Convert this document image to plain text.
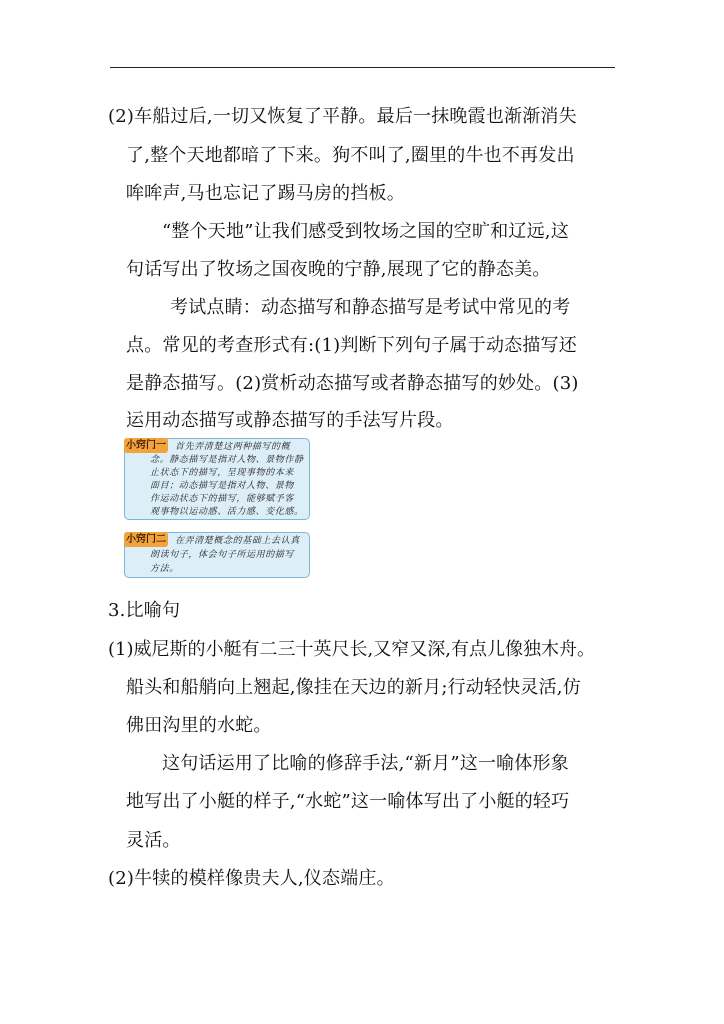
(2)车船过后,一切又恢复了平静。最后一抹晚霞也渐渐消失
了,整个天地都暗了下来。狗不叫了,圈里的牛也不再发出
哞哞声,马也忘记了踢马房的挡板。
“整个天地”让我们感受到牧场之国的空旷和辽远,这
句话写出了牧场之国夜晚的宁静,展现了它的静态美。
考试点睛：动态描写和静态描写是考试中常见的考
点。常见的考查形式有:(1)判断下列句子属于动态描写还
是静态描写。(2)赏析动态描写或者静态描写的妙处。(3)
运用动态描写或静态描写的手法写片段。
小窍门一 首先弄清楚这两种描写的概
念。静态描写是指对人物、景物作静
止状态下的描写，呈现事物的本来
面目；动态描写是指对人物、景物
作运动状态下的描写，能够赋予客
观事物以运动感、活力感、变化感。
小窍门二 在弄清楚概念的基础上去认真
朗读句子，体会句子所运用的描写
方法。
3.比喻句
(1)威尼斯的小艇有二三十英尺长,又窄又深,有点儿像独木舟。
船头和船艄向上翘起,像挂在天边的新月;行动轻快灵活,仿
佛田沟里的水蛇。
这句话运用了比喻的修辞手法,“新月”这一喻体形象
地写出了小艇的样子,“水蛇”这一喻体写出了小艇的轻巧
灵活。
(2)牛犊的模样像贵夫人,仪态端庄。
